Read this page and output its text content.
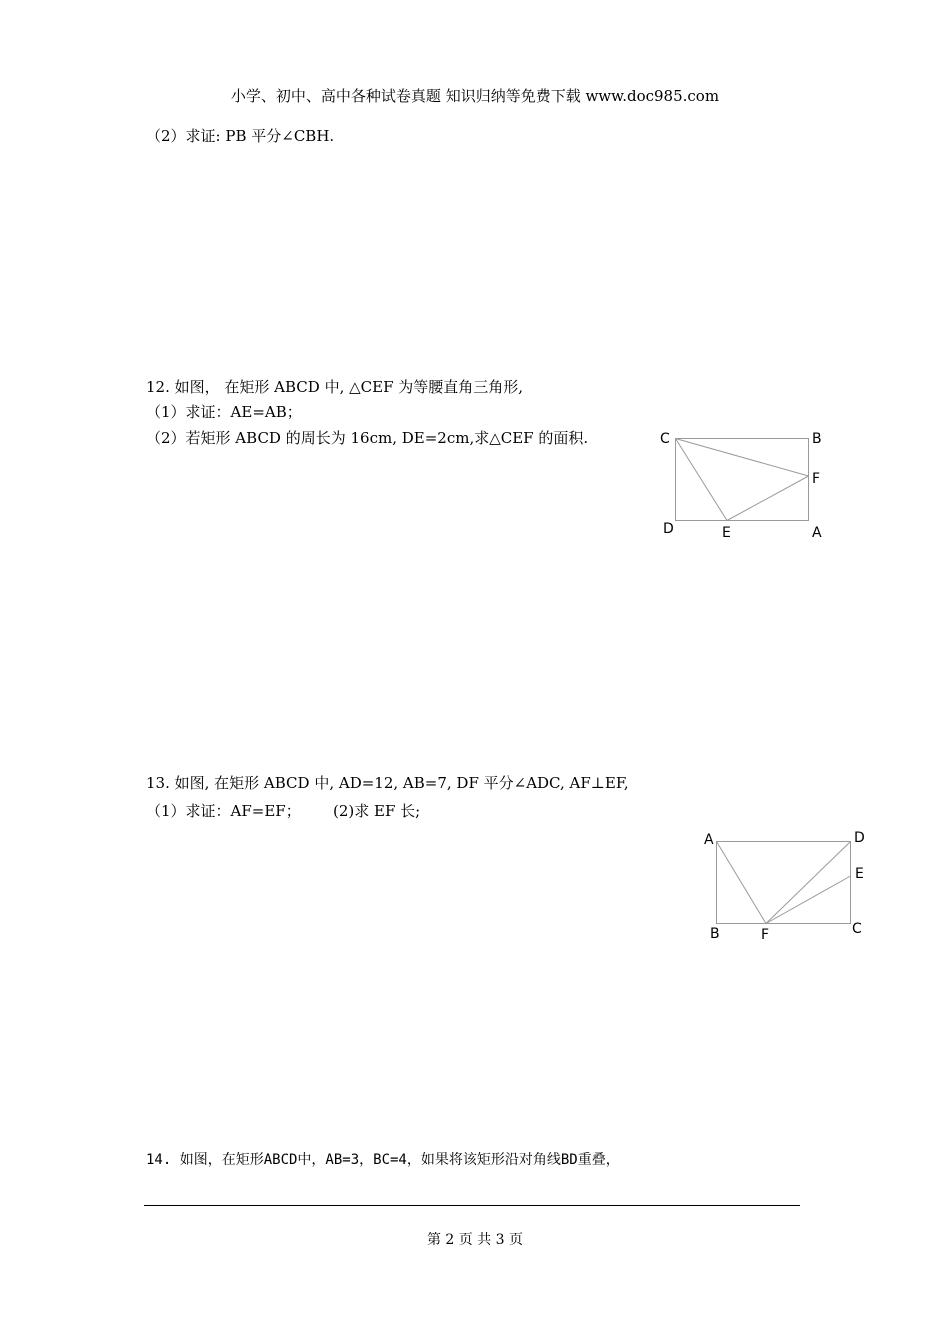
小学、初中、高中各种试卷真题 知识归纳等免费下载 www.doc985.com
（2）求证: PB 平分∠CBH.
12. 如图， 在矩形 ABCD 中, △CEF 为等腰直角三角形,
（1）求证：AE=AB；
（2）若矩形 ABCD 的周长为 16cm, DE=2cm,求△CEF 的面积.	C	B
F
D	E	A
13. 如图, 在矩形 ABCD 中, AD=12, AB=7, DF 平分∠ADC, AF⊥EF,
（1）求证：AF=EF； (2)求 EF 长;
A	D
E
B	F	C
14. 如图，在矩形ABCD中，AB=3，BC=4，如果将该矩形沿对角线BD重叠，
第 2 页 共 3 页
